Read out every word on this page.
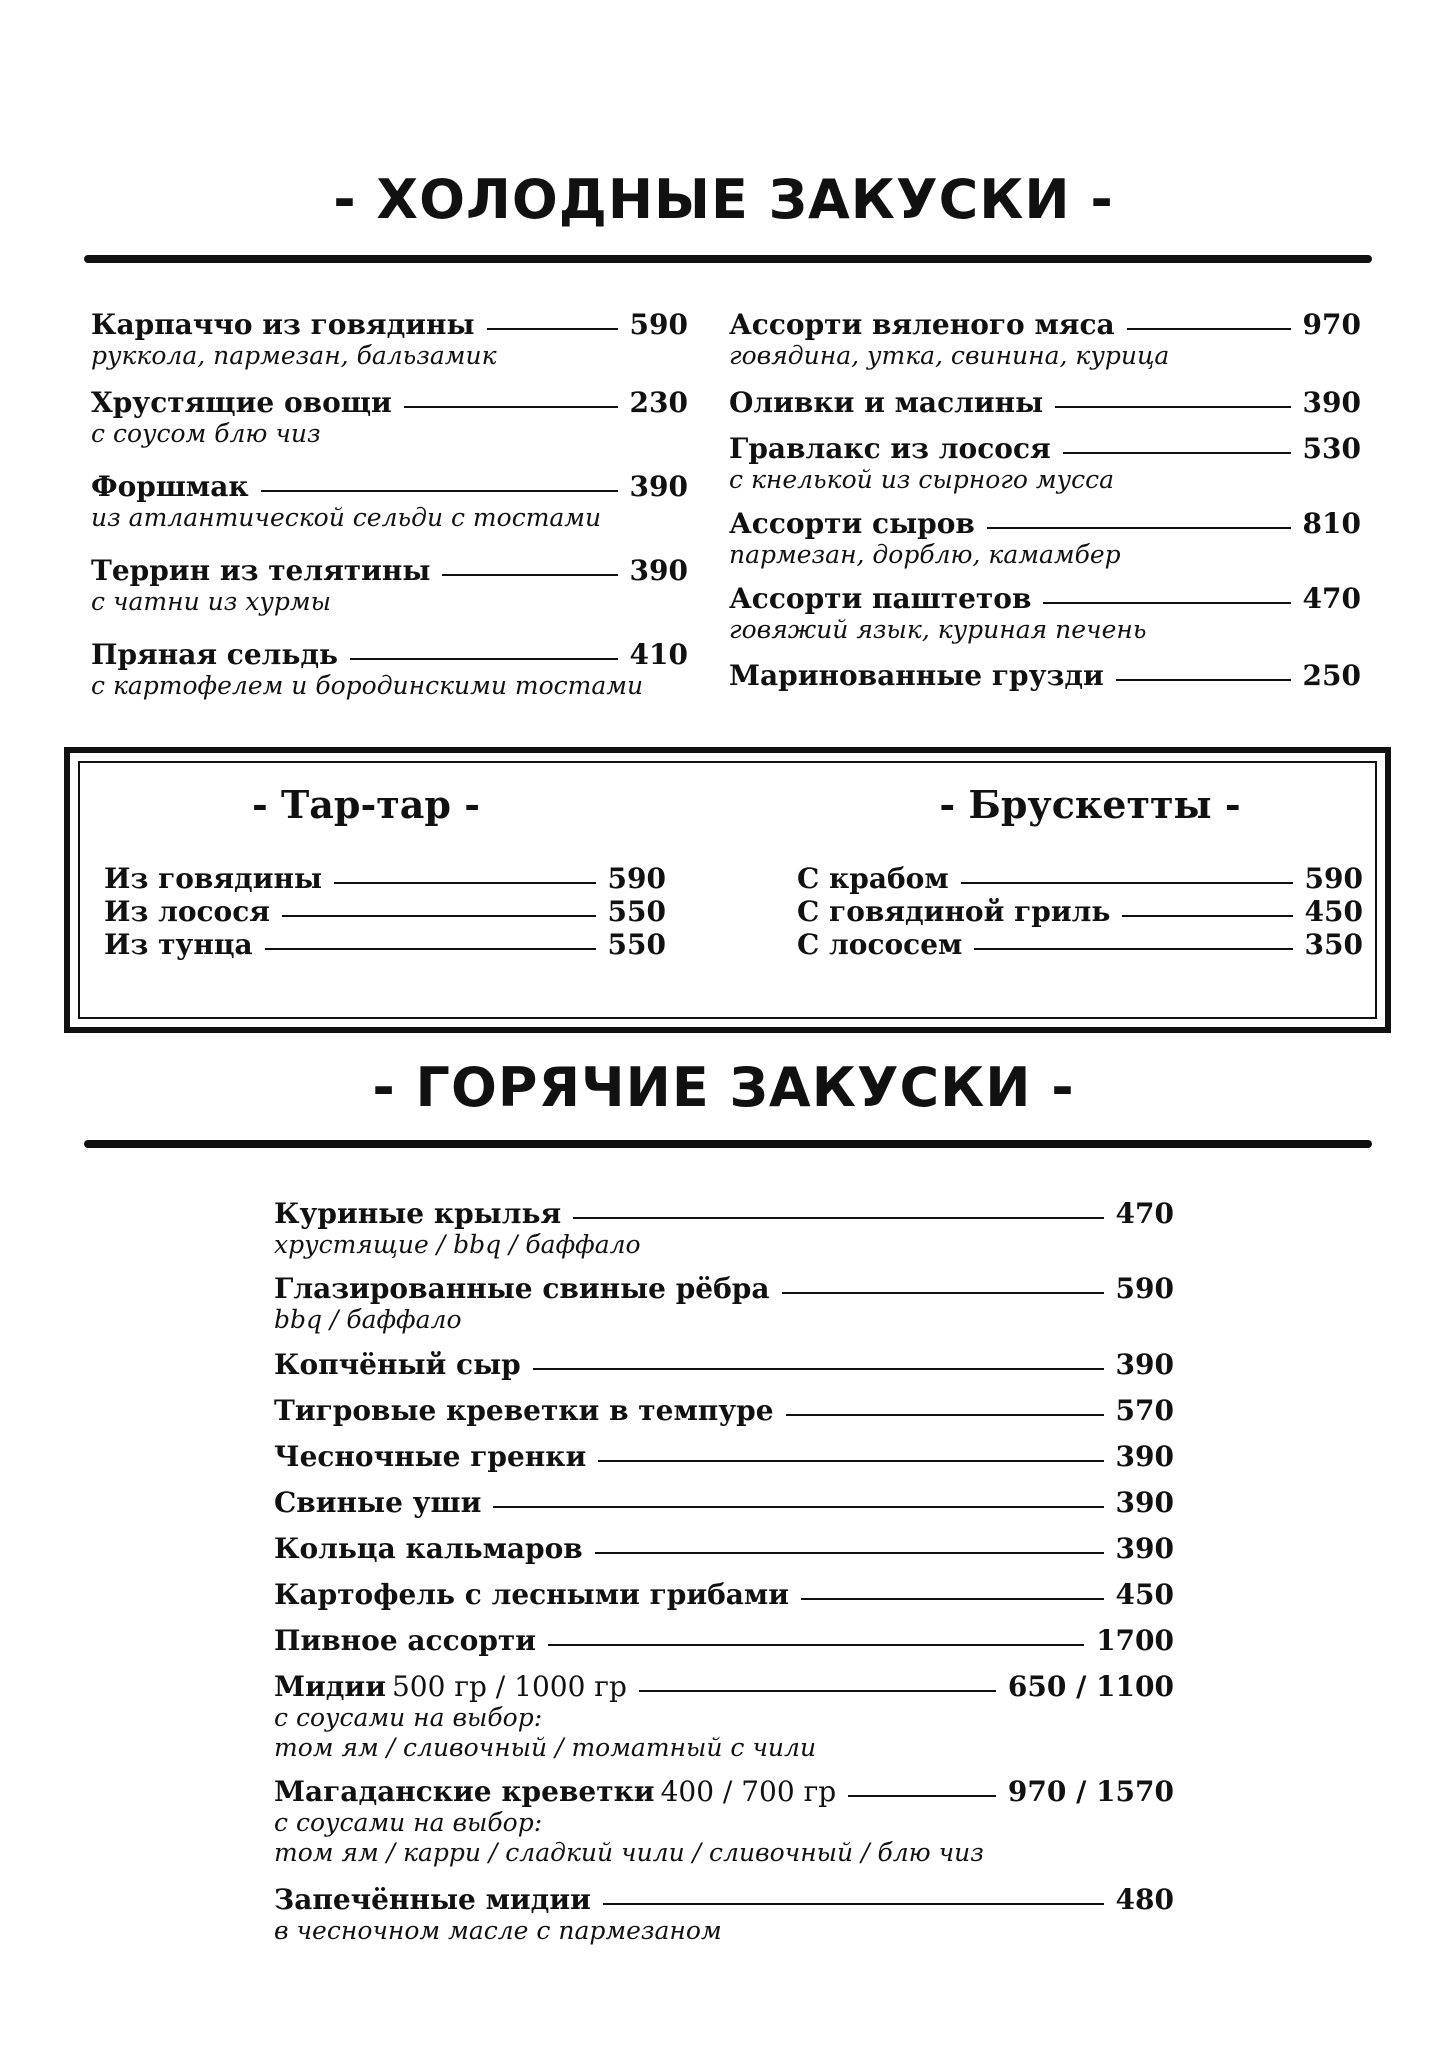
- ХОЛОДНЫЕ ЗАКУСКИ -
Карпаччо из говядины	590
руккола, пармезан, бальзамик
Хрустящие овощи	230
с соусом блю чиз
Форшмак	390
из атлантической сельди с тостами
Террин из телятины	390
с чатни из хурмы
Пряная сельдь	410
с картофелем и бородинскими тостами
Ассорти вяленого мяса	970
говядина, утка, свинина, курица
Оливки и маслины	390
Гравлакс из лосося	530
с кнелькой из сырного мусса
Ассорти сыров	810
пармезан, дорблю, камамбер
Ассорти паштетов	470
говяжий язык, куриная печень
Маринованные грузди	250
- Тар-тар -	- Брускетты -
Из говядины	590
Из лосося	550
Из тунца	550
С крабом	590
С говядиной гриль	450
С лососем	350
- ГОРЯЧИЕ ЗАКУСКИ -
Куриные крылья	470
хрустящие / bbq / баффало
Глазированные свиные рёбра	590
bbq / баффало
Копчёный сыр	390
Тигровые креветки в темпуре	570
Чесночные гренки	390
Свиные уши	390
Кольца кальмаров	390
Картофель с лесными грибами	450
Пивное ассорти	1700
Мидии 500 гр / 1000 гр	650 / 1100
с соусами на выбор:
том ям / сливочный / томатный с чили
Магаданские креветки 400 / 700 гр	970 / 1570
с соусами на выбор:
том ям / карри / сладкий чили / сливочный / блю чиз
Запечённые мидии	480
в чесночном масле с пармезаном
